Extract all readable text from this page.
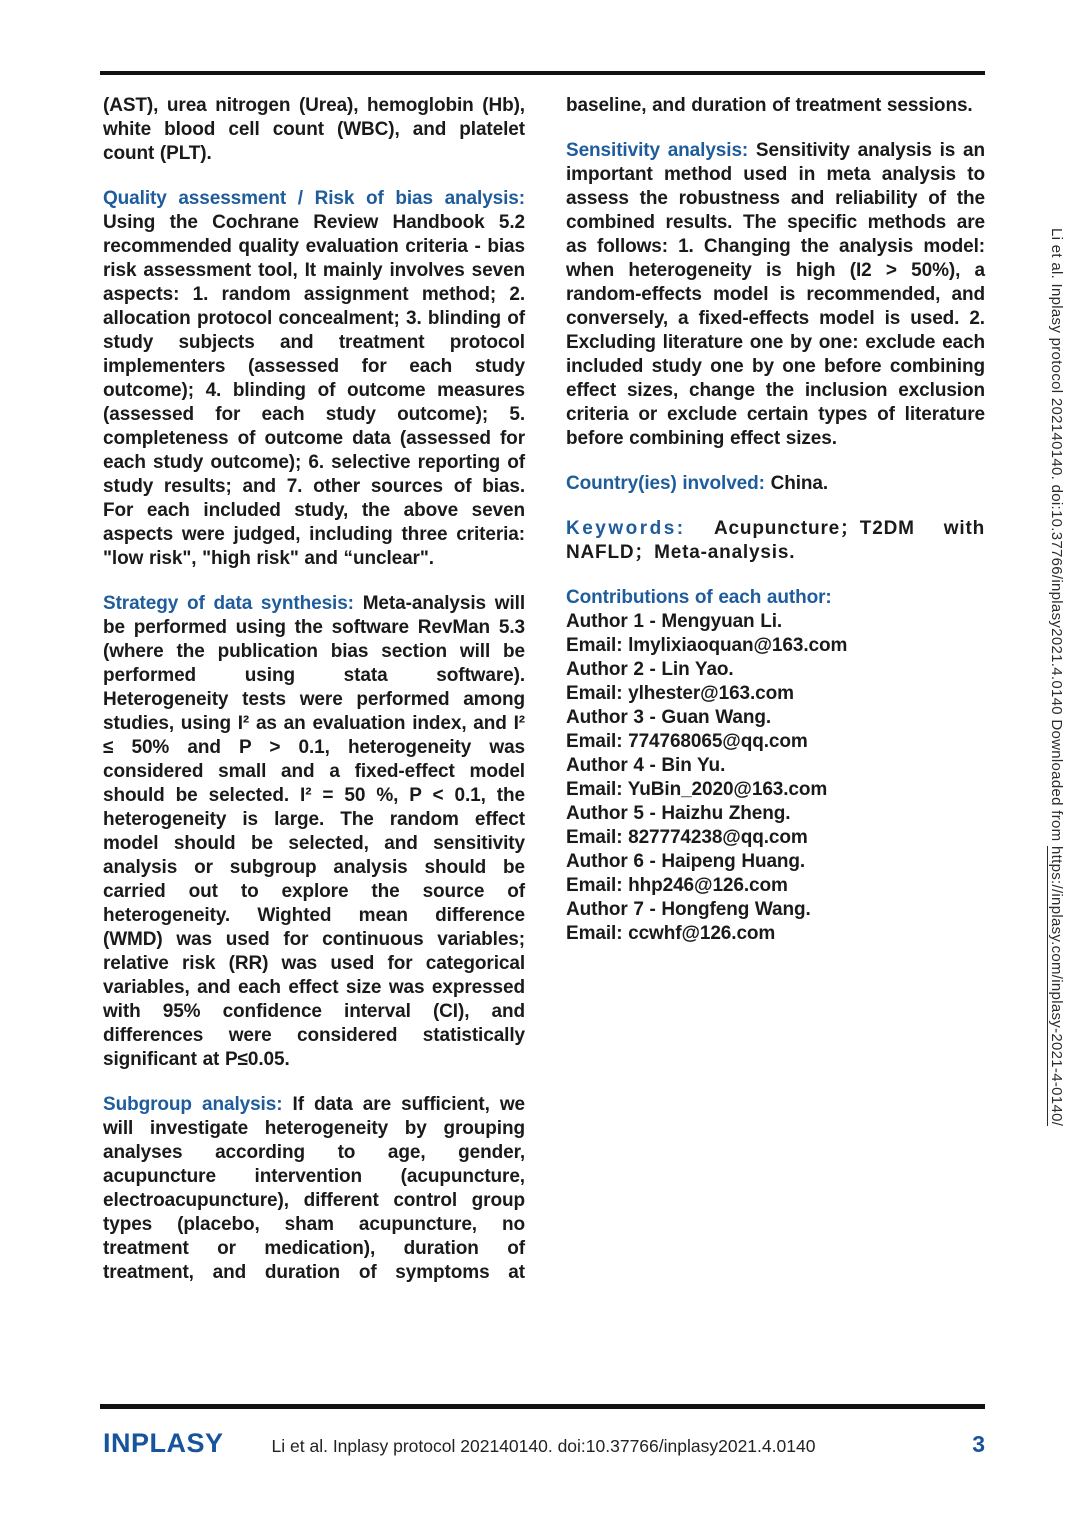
(AST), urea nitrogen (Urea), hemoglobin (Hb), white blood cell count (WBC), and platelet count (PLT).

Quality assessment / Risk of bias analysis: Using the Cochrane Review Handbook 5.2 recommended quality evaluation criteria - bias risk assessment tool, It mainly involves seven aspects: 1. random assignment method; 2. allocation protocol concealment; 3. blinding of study subjects and treatment protocol implementers (assessed for each study outcome); 4. blinding of outcome measures (assessed for each study outcome); 5. completeness of outcome data (assessed for each study outcome); 6. selective reporting of study results; and 7. other sources of bias. For each included study, the above seven aspects were judged, including three criteria: "low risk", "high risk" and “unclear".

Strategy of data synthesis: Meta-analysis will be performed using the software RevMan 5.3 (where the publication bias section will be performed using stata software). Heterogeneity tests were performed among studies, using I² as an evaluation index, and I² ≤ 50% and P > 0.1, heterogeneity was considered small and a fixed-effect model should be selected. I² = 50 %, P < 0.1, the heterogeneity is large. The random effect model should be selected, and sensitivity analysis or subgroup analysis should be carried out to explore the source of heterogeneity. Wighted mean difference (WMD) was used for continuous variables; relative risk (RR) was used for categorical variables, and each effect size was expressed with 95% confidence interval (CI), and differences were considered statistically significant at P≤0.05.

Subgroup analysis: If data are sufficient, we will investigate heterogeneity by grouping analyses according to age, gender, acupuncture intervention (acupuncture, electroacupuncture), different control group types (placebo, sham acupuncture, no treatment or medication), duration of treatment, and duration of symptoms at

baseline, and duration of treatment sessions.

Sensitivity analysis: Sensitivity analysis is an important method used in meta analysis to assess the robustness and reliability of the combined results. The specific methods are as follows: 1. Changing the analysis model: when heterogeneity is high (I2 > 50%), a random-effects model is recommended, and conversely, a fixed-effects model is used. 2. Excluding literature one by one: exclude each included study one by one before combining effect sizes, change the inclusion exclusion criteria or exclude certain types of literature before combining effect sizes.

Country(ies) involved: China.

Keywords: Acupuncture；T2DM with NAFLD；Meta-analysis.

Contributions of each author:
Author 1 - Mengyuan Li.
Email: lmylixiaoquan@163.com
Author 2 - Lin Yao.
Email: ylhester@163.com
Author 3 - Guan Wang.
Email: 774768065@qq.com
Author 4 - Bin Yu.
Email: YuBin_2020@163.com
Author 5 - Haizhu Zheng.
Email: 827774238@qq.com
Author 6 - Haipeng Huang.
Email: hhp246@126.com
Author 7 - Hongfeng Wang.
Email: ccwhf@126.com
Li et al. Inplasy protocol 202140140. doi:10.37766/inplasy2021.4.0140 Downloaded from https://inplasy.com/inplasy-2021-4-0140/
INPLASY	Li et al. Inplasy protocol 202140140. doi:10.37766/inplasy2021.4.0140	3
